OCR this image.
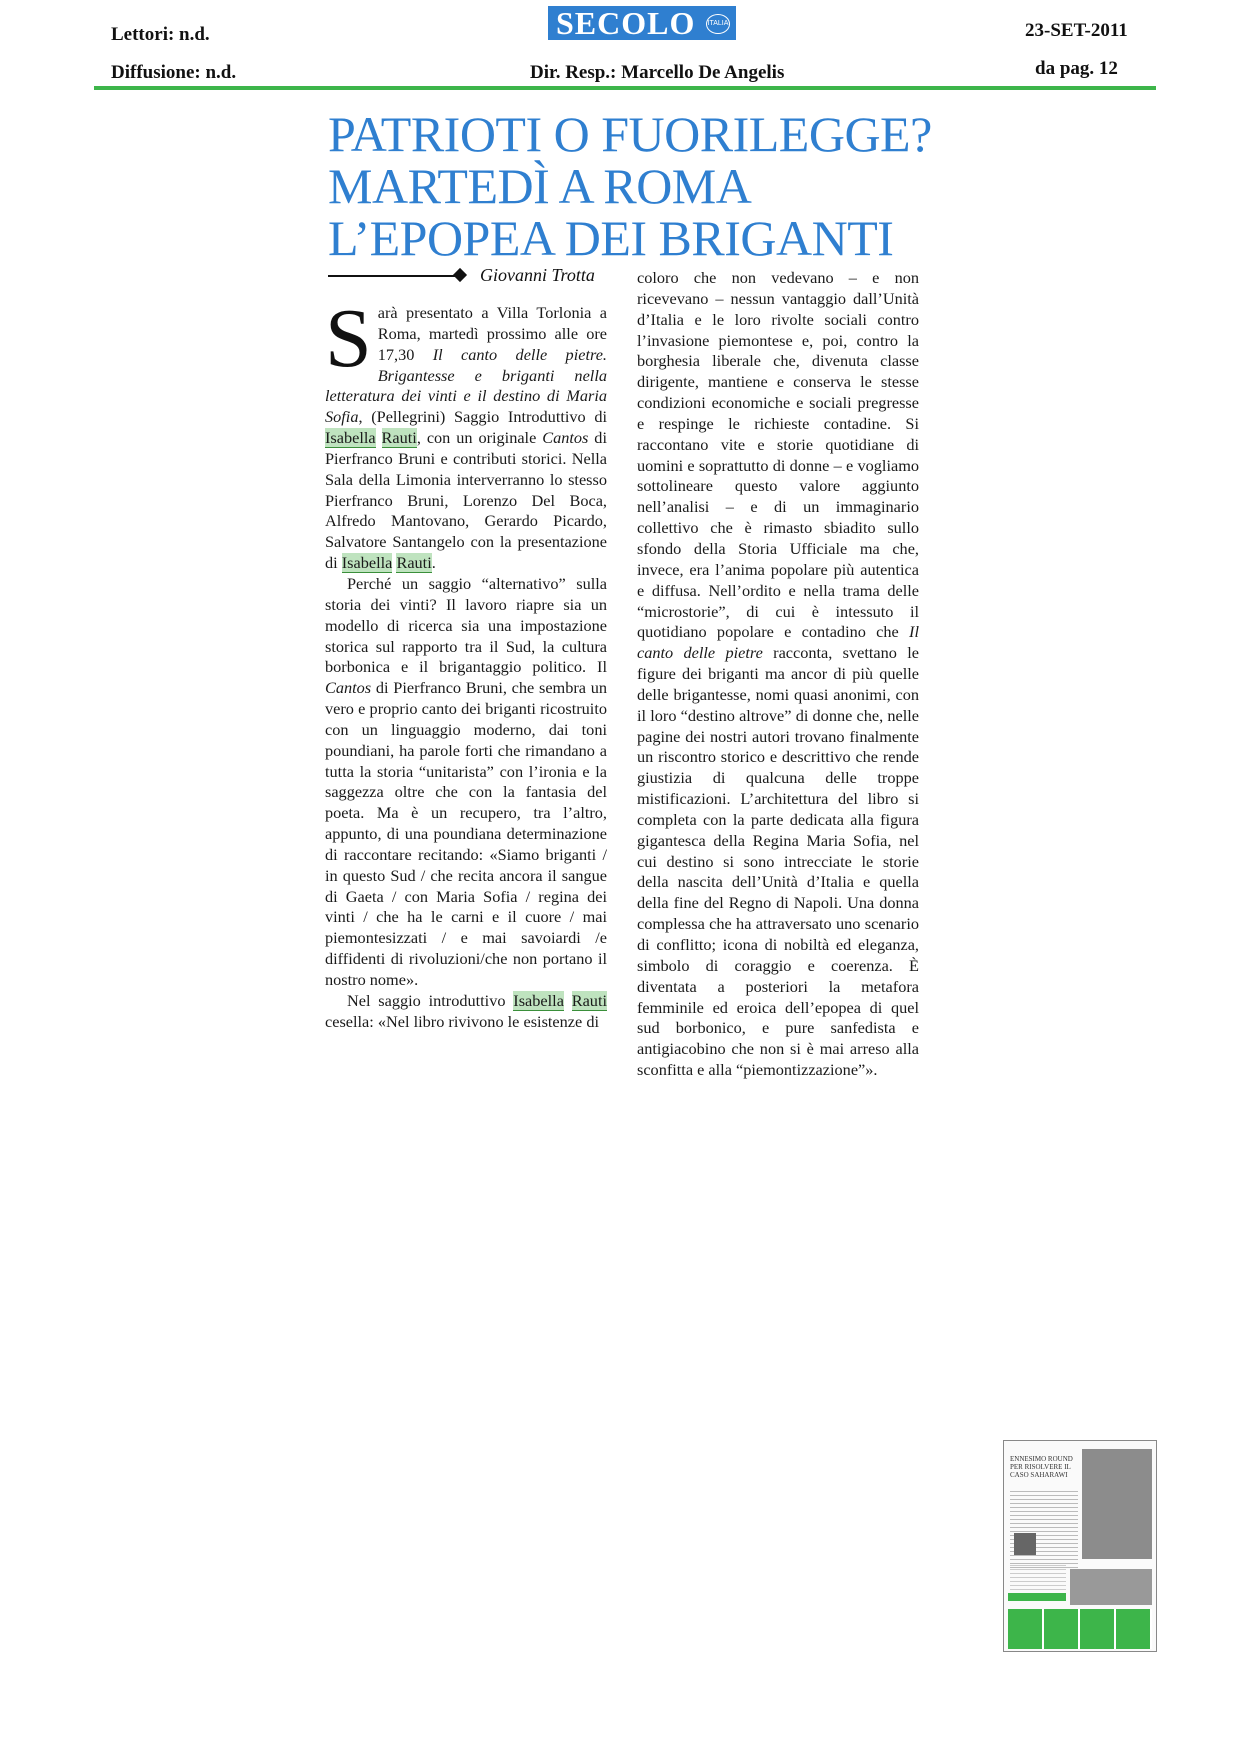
Lettori: n.d.
Diffusione: n.d.	Dir. Resp.: Marcello De Angelis
23-SET-2011
da pag. 12
SECOLO ITALIA
PATRIOTI O FUORILEGGE?
MARTEDÌ A ROMA
L’EPOPEA DEI BRIGANTI
Giovanni Trotta

Sarà presentato a Villa Torlonia a Roma, martedì prossimo alle ore 17,30 Il canto delle pietre. Brigantesse e briganti nella letteratura dei vinti e il destino di Maria Sofia, (Pellegrini) Saggio Introduttivo di Isabella Rauti, con un originale Cantos di Pierfranco Bruni e contributi storici. Nella Sala della Limonia interverranno lo stesso Pierfranco Bruni, Lorenzo Del Boca, Alfredo Mantovano, Gerardo Picardo, Salvatore Santangelo con la presentazione di Isabella Rauti.

Perché un saggio “alternativo” sulla storia dei vinti? Il lavoro riapre sia un modello di ricerca sia una impostazione storica sul rapporto tra il Sud, la cultura borbonica e il brigantaggio politico. Il Cantos di Pierfranco Bruni, che sembra un vero e proprio canto dei briganti ricostruito con un linguaggio moderno, dai toni poundiani, ha parole forti che rimandano a tutta la storia “unitarista” con l’ironia e la saggezza oltre che con la fantasia del poeta. Ma è un recupero, tra l’altro, appunto, di una poundiana determinazione di raccontare recitando: «Siamo briganti / in questo Sud / che recita ancora il sangue di Gaeta / con Maria Sofia / regina dei vinti / che ha le carni e il cuore / mai piemontesizzati / e mai savoiardi /e diffidenti di rivoluzioni/che non portano il nostro nome».

Nel saggio introduttivo Isabella Rauti cesella: «Nel libro rivivono le esistenze di

coloro che non vedevano – e non ricevevano – nessun vantaggio dall’Unità d’Italia e le loro rivolte sociali contro l’invasione piemontese e, poi, contro la borghesia liberale che, divenuta classe dirigente, mantiene e conserva le stesse condizioni economiche e sociali pregresse e respinge le richieste contadine. Si raccontano vite e storie quotidiane di uomini e soprattutto di donne – e vogliamo sottolineare questo valore aggiunto nell’analisi – e di un immaginario collettivo che è rimasto sbiadito sullo sfondo della Storia Ufficiale ma che, invece, era l’anima popolare più autentica e diffusa. Nell’ordito e nella trama delle “microstorie”, di cui è intessuto il quotidiano popolare e contadino che Il canto delle pietre racconta, svettano le figure dei briganti ma ancor di più quelle delle brigantesse, nomi quasi anonimi, con il loro “destino altrove” di donne che, nelle pagine dei nostri autori trovano finalmente un riscontro storico e descrittivo che rende giustizia di qualcuna delle troppe mistificazioni. L’architettura del libro si completa con la parte dedicata alla figura gigantesca della Regina Maria Sofia, nel cui destino si sono intrecciate le storie della nascita dell’Unità d’Italia e quella della fine del Regno di Napoli. Una donna complessa che ha attraversato uno scenario di conflitto; icona di nobiltà ed eleganza, simbolo di coraggio e coerenza. È diventata a posteriori la metafora femminile ed eroica dell’epopea di quel sud borbonico, e pure sanfedista e antigiacobino che non si è mai arreso alla sconfitta e alla “piemontizzazione”».

ENNESIMO ROUND PER RISOLVERE IL CASO SAHARAWI
